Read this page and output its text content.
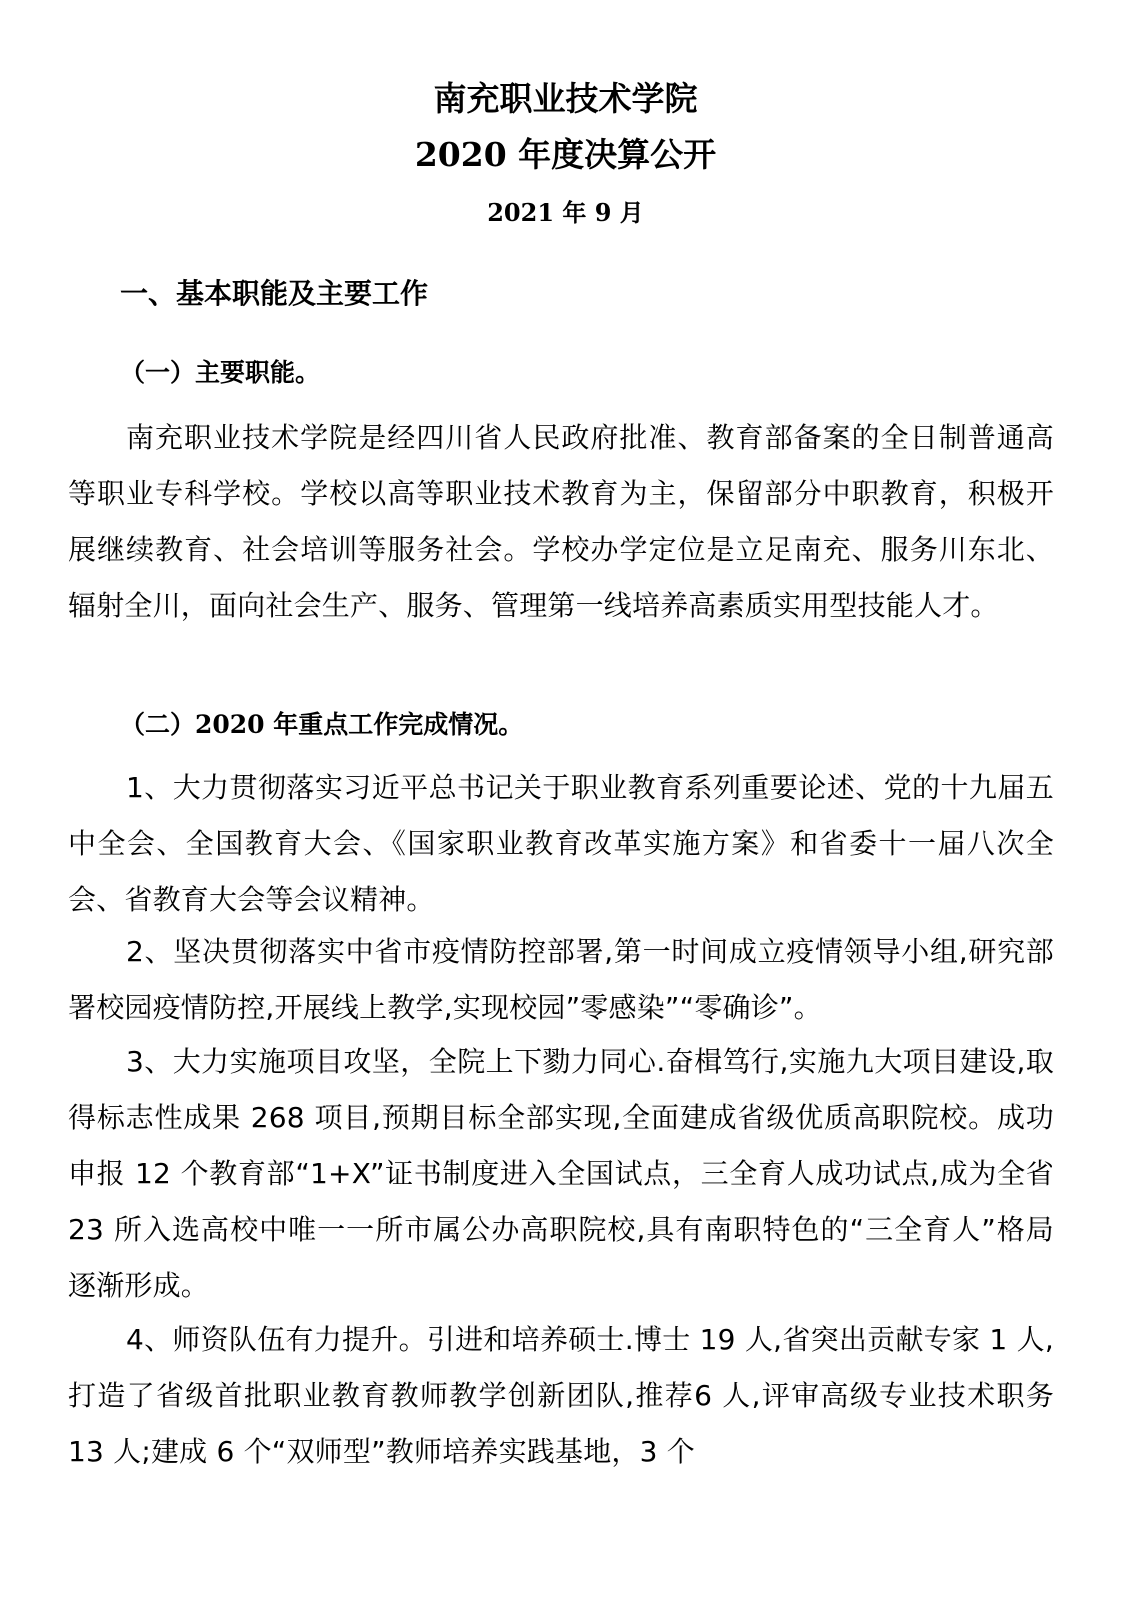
南充职业技术学院
2020 年度决算公开
2021 年 9 月
一、基本职能及主要工作
（一）主要职能。

南充职业技术学院是经四川省人民政府批准、教育部备案的全日制普通高等职业专科学校。学校以高等职业技术教育为主，保留部分中职教育，积极开展继续教育、社会培训等服务社会。学校办学定位是立足南充、服务川东北、辐射全川，面向社会生产、服务、管理第一线培养高素质实用型技能人才。

（二）2020 年重点工作完成情况。

1、大力贯彻落实习近平总书记关于职业教育系列重要论述、党的十九届五中全会、全国教育大会、《国家职业教育改革实施方案》和省委十一届八次全会、省教育大会等会议精神。

2、坚决贯彻落实中省市疫情防控部署,第一时间成立疫情领导小组,研究部署校园疫情防控,开展线上教学,实现校园”零感染”“零确诊”。

3、大力实施项目攻坚，全院上下勠力同心.奋楫笃行,实施九大项目建设,取得标志性成果 268 项目,预期目标全部实现,全面建成省级优质高职院校。成功申报 12 个教育部“1+X”证书制度进入全国试点，三全育人成功试点,成为全省 23 所入选高校中唯一一所市属公办高职院校,具有南职特色的“三全育人”格局逐渐形成。

4、师资队伍有力提升。引进和培养硕士.博士 19 人,省突出贡献专家 1 人,打造了省级首批职业教育教师教学创新团队,推荐6 人,评审高级专业技术职务 13 人;建成 6 个“双师型”教师培养实践基地，3 个
